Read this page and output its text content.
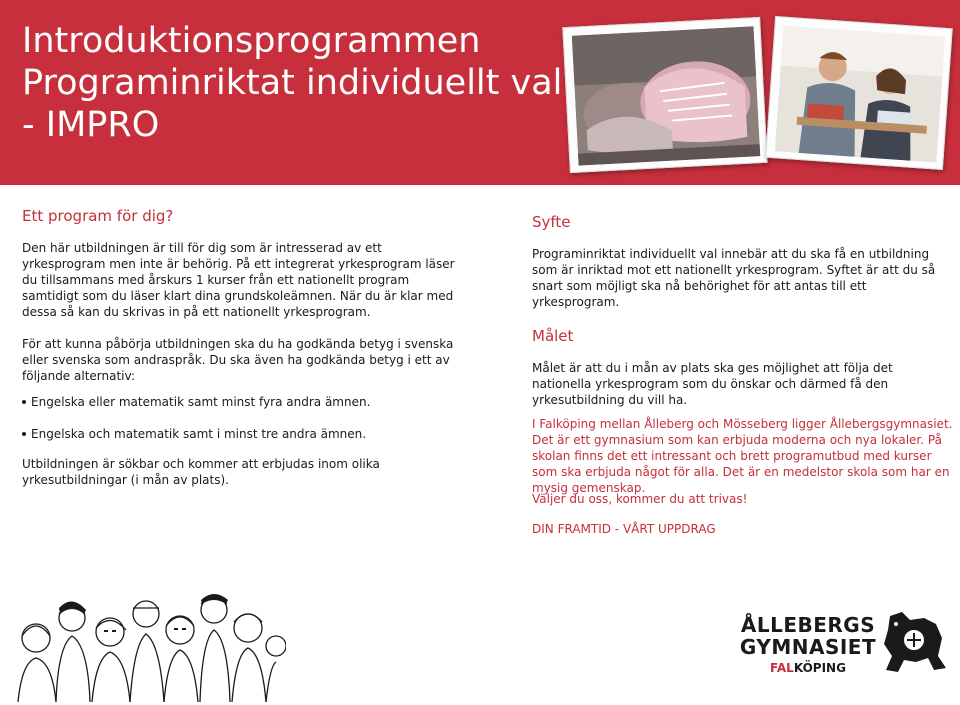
Introduktionsprogrammen
Programinriktat individuellt val
- IMPRO
Ett program för dig?
Den här utbildningen är till för dig som är intresserad av ett yrkesprogram men inte är behörig. På ett integrerat yrkesprogram läser du tillsammans med årskurs 1 kurser från ett nationellt program samtidigt som du läser klart dina grundskoleämnen. När du är klar med dessa så kan du skrivas in på ett nationellt yrkesprogram.
För att kunna påbörja utbildningen ska du ha godkända betyg i svenska eller svenska som andraspråk. Du ska även ha godkända betyg i ett av följande alternativ:
Engelska eller matematik samt minst fyra andra ämnen.
Engelska och matematik samt i minst tre andra ämnen.
Utbildningen är sökbar och kommer att erbjudas inom olika yrkesutbildningar (i mån av plats).
Syfte
Programinriktat individuellt val innebär att du ska få en utbildning som är inriktad mot ett nationellt yrkesprogram. Syftet är att du så snart som möjligt ska nå behörighet för att antas till ett yrkesprogram.
Målet
Målet är att du i mån av plats ska ges möjlighet att följa det nationella yrkesprogram som du önskar och därmed få den yrkesutbildning du vill ha.
I Falköping mellan Ålleberg och Mösseberg ligger Ållebergsgymnasiet. Det är ett gymnasium som kan erbjuda moderna och nya lokaler. På skolan finns det ett intressant och brett programutbud med kurser som ska erbjuda något för alla. Det är en medelstor skola som har en mysig gemenskap.
Väljer du oss, kommer du att trivas!
DIN FRAMTID - VÅRT UPPDRAG
ÅLLEBERGS
GYMNASIET
FALKÖPING
